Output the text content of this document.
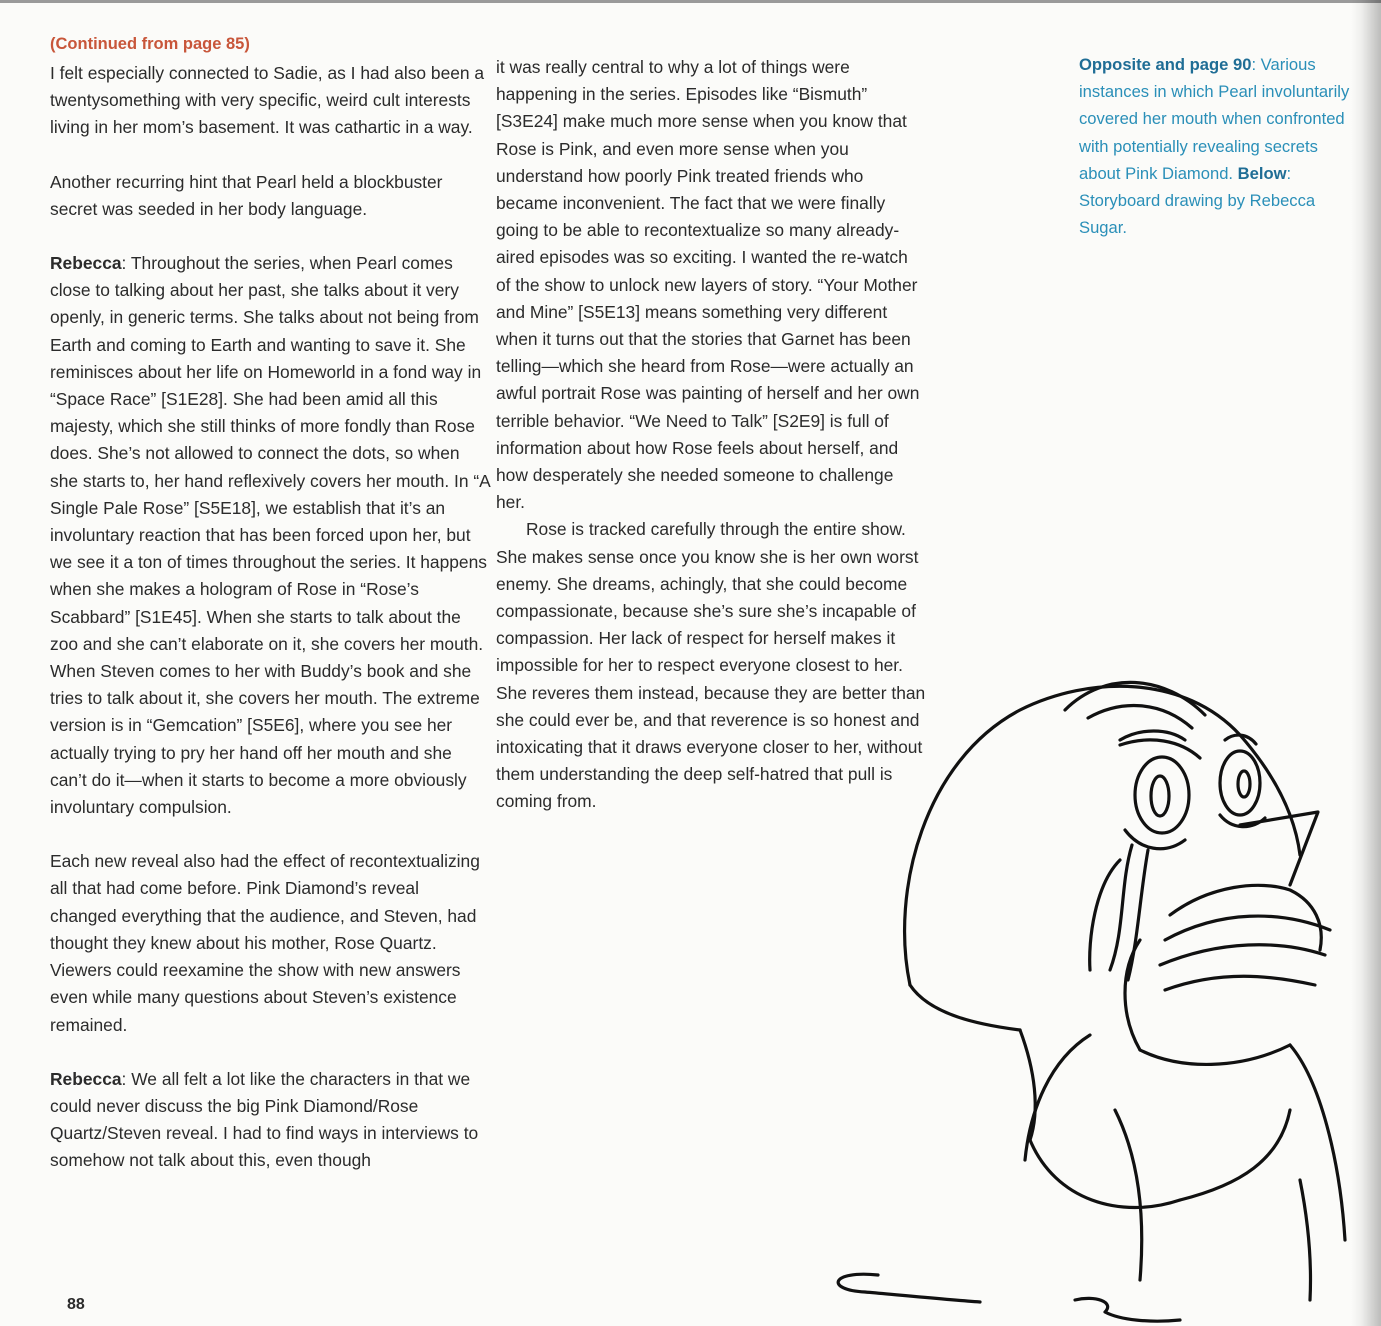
(Continued from page 85)

I felt especially connected to Sadie, as I had also been a twentysomething with very specific, weird cult interests living in her mom’s basement. It was cathartic in a way.

Another recurring hint that Pearl held a blockbuster secret was seeded in her body language.

Rebecca: Throughout the series, when Pearl comes close to talking about her past, she talks about it very openly, in generic terms. She talks about not being from Earth and coming to Earth and wanting to save it. She reminisces about her life on Homeworld in a fond way in “Space Race” [S1E28]. She had been amid all this majesty, which she still thinks of more fondly than Rose does. She’s not allowed to connect the dots, so when she starts to, her hand reflexively covers her mouth. In “A Single Pale Rose” [S5E18], we establish that it’s an involuntary reaction that has been forced upon her, but we see it a ton of times throughout the series. It happens when she makes a hologram of Rose in “Rose’s Scabbard” [S1E45]. When she starts to talk about the zoo and she can’t elaborate on it, she covers her mouth. When Steven comes to her with Buddy’s book and she tries to talk about it, she covers her mouth. The extreme version is in “Gemcation” [S5E6], where you see her actually trying to pry her hand off her mouth and she can’t do it—when it starts to become a more obviously involuntary compulsion.

Each new reveal also had the effect of recontextualizing all that had come before. Pink Diamond’s reveal changed everything that the audience, and Steven, had thought they knew about his mother, Rose Quartz. Viewers could reexamine the show with new answers even while many questions about Steven’s existence remained.

Rebecca: We all felt a lot like the characters in that we could never discuss the big Pink Diamond/Rose Quartz/Steven reveal. I had to find ways in interviews to somehow not talk about this, even though

it was really central to why a lot of things were happening in the series. Episodes like “Bismuth” [S3E24] make much more sense when you know that Rose is Pink, and even more sense when you understand how poorly Pink treated friends who became inconvenient. The fact that we were finally going to be able to recontextualize so many already-aired episodes was so exciting. I wanted the re-watch of the show to unlock new layers of story. “Your Mother and Mine” [S5E13] means something very different when it turns out that the stories that Garnet has been telling—which she heard from Rose—were actually an awful portrait Rose was painting of herself and her own terrible behavior. “We Need to Talk” [S2E9] is full of information about how Rose feels about herself, and how desperately she needed someone to challenge her.

Rose is tracked carefully through the entire show. She makes sense once you know she is her own worst enemy. She dreams, achingly, that she could become compassionate, because she’s sure she’s incapable of compassion. Her lack of respect for herself makes it impossible for her to respect everyone closest to her. She reveres them instead, because they are better than she could ever be, and that reverence is so honest and intoxicating that it draws everyone closer to her, without them understanding the deep self-hatred that pull is coming from.

Opposite and page 90: Various instances in which Pearl involuntarily covered her mouth when confronted with potentially revealing secrets about Pink Diamond. Below: Storyboard drawing by Rebecca Sugar.
88
